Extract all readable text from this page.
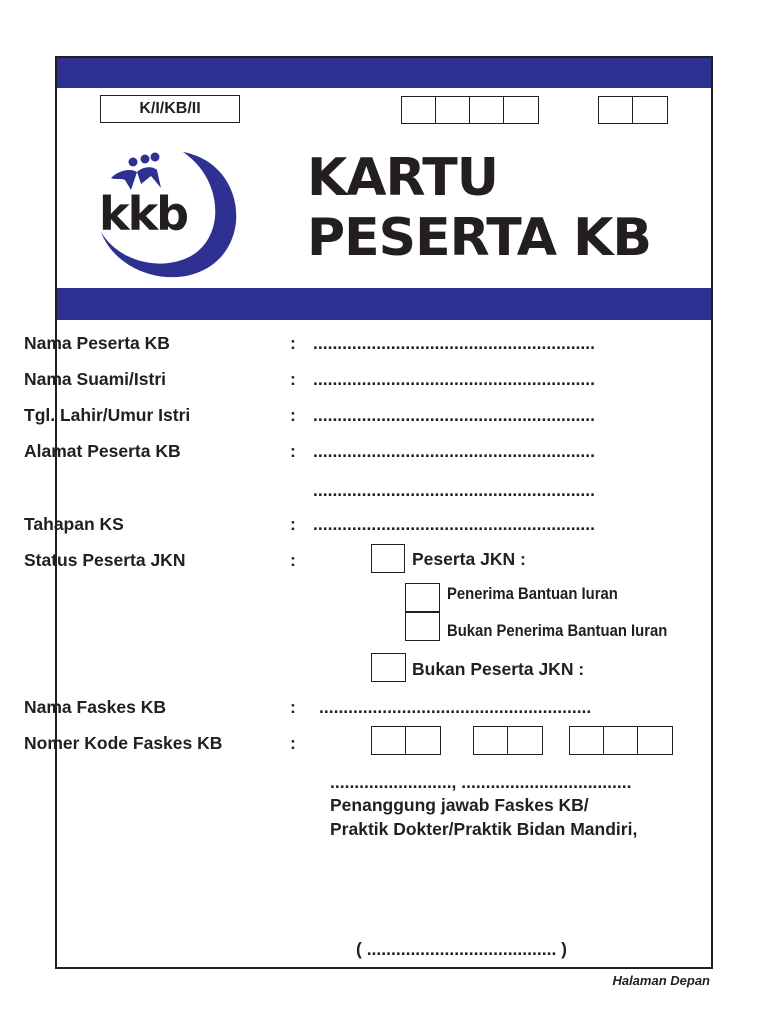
K/I/KB/II
kkb
KARTU
PESERTA KB
Nama Peserta KB	: ..........................................................
Nama Suami/Istri	: ..........................................................
Tgl. Lahir/Umur Istri	: ..........................................................
Alamat Peserta KB	: ..........................................................
..........................................................
Tahapan KS	: ..........................................................
Status Peserta JKN	:	Peserta JKN :
Penerima Bantuan Iuran
Bukan Penerima Bantuan Iuran
Bukan Peserta JKN :
Nama Faskes KB	: ........................................................
Nomer Kode Faskes KB	:
........................., ...................................
Penanggung jawab Faskes KB/
Praktik Dokter/Praktik Bidan Mandiri,
( ....................................... )
Halaman Depan
